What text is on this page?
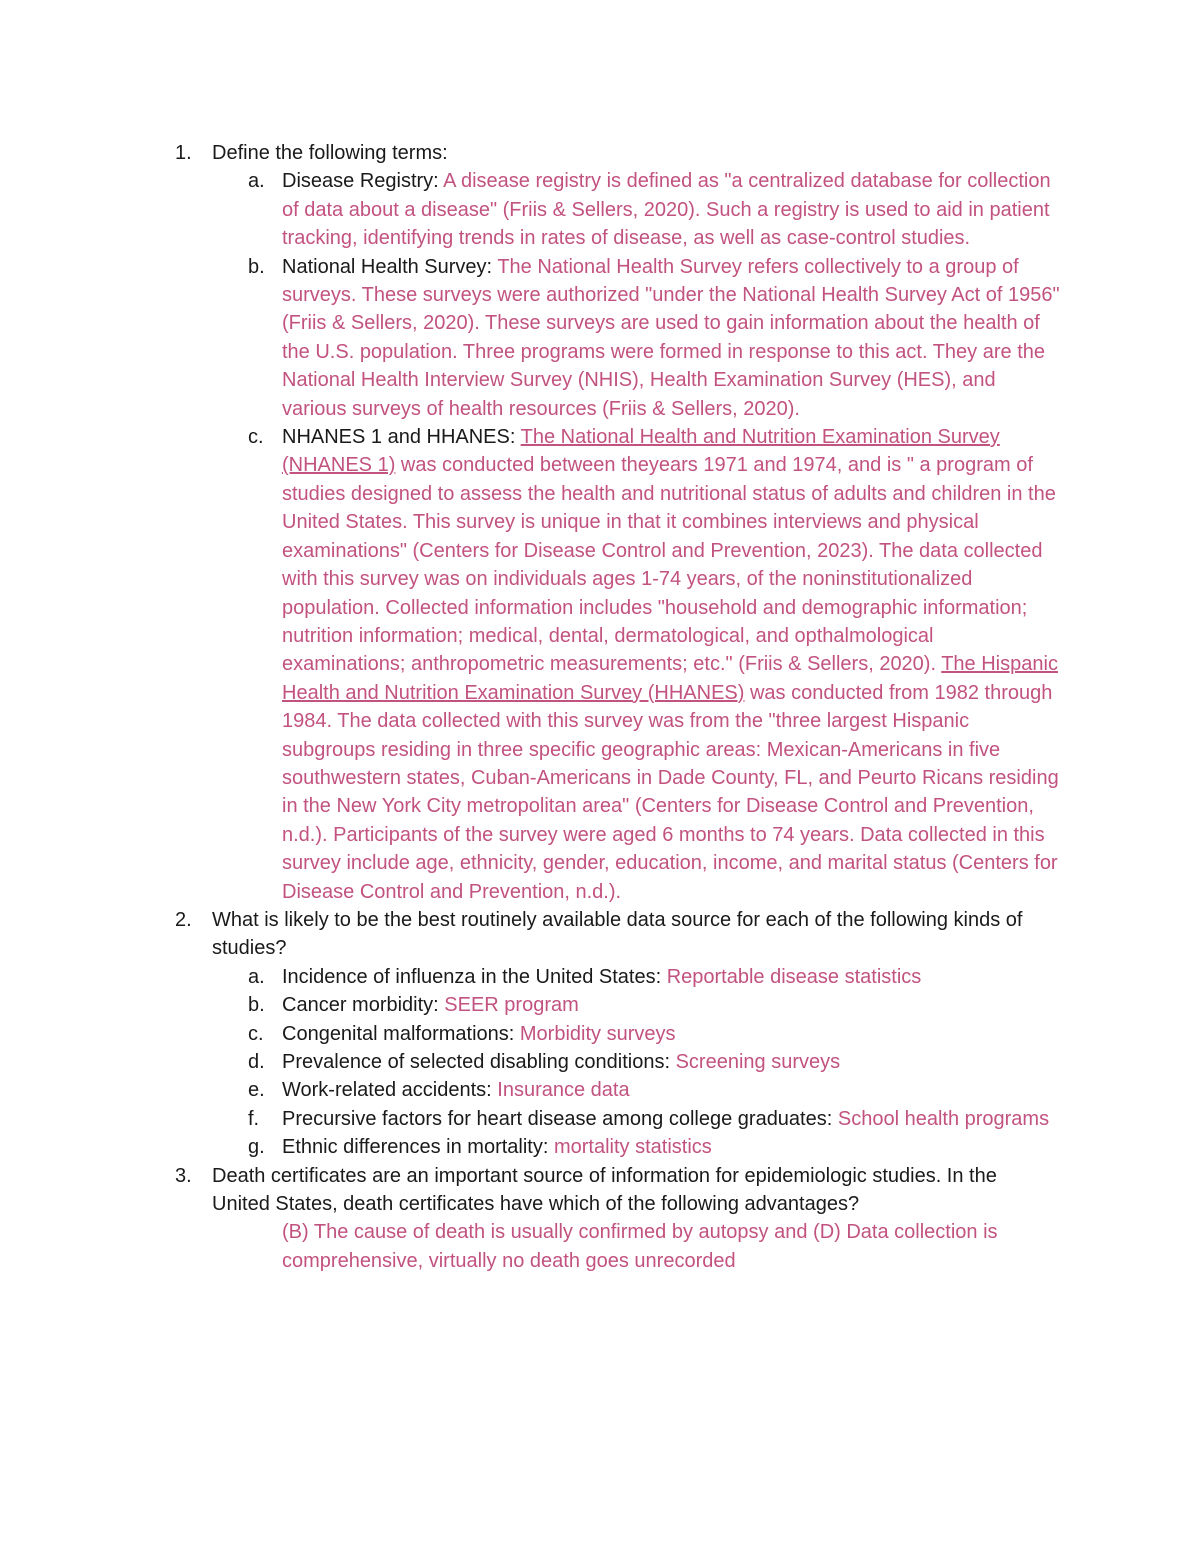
1. Define the following terms:
a. Disease Registry: A disease registry is defined as "a centralized database for collection of data about a disease" (Friis & Sellers, 2020). Such a registry is used to aid in patient tracking, identifying trends in rates of disease, as well as case-control studies.
b. National Health Survey: The National Health Survey refers collectively to a group of surveys. These surveys were authorized "under the National Health Survey Act of 1956" (Friis & Sellers, 2020). These surveys are used to gain information about the health of the U.S. population. Three programs were formed in response to this act. They are the National Health Interview Survey (NHIS), Health Examination Survey (HES), and various surveys of health resources (Friis & Sellers, 2020).
c. NHANES 1 and HHANES: The National Health and Nutrition Examination Survey (NHANES 1) was conducted between theyears 1971 and 1974, and is " a program of studies designed to assess the health and nutritional status of adults and children in the United States. This survey is unique in that it combines interviews and physical examinations" (Centers for Disease Control and Prevention, 2023). The data collected with this survey was on individuals ages 1-74 years, of the noninstitutionalized population. Collected information includes "household and demographic information; nutrition information; medical, dental, dermatological, and opthalmological examinations; anthropometric measurements; etc." (Friis & Sellers, 2020). The Hispanic Health and Nutrition Examination Survey (HHANES) was conducted from 1982 through 1984. The data collected with this survey was from the "three largest Hispanic subgroups residing in three specific geographic areas: Mexican-Americans in five southwestern states, Cuban-Americans in Dade County, FL, and Peurto Ricans residing in the New York City metropolitan area" (Centers for Disease Control and Prevention, n.d.). Participants of the survey were aged 6 months to 74 years. Data collected in this survey include age, ethnicity, gender, education, income, and marital status (Centers for Disease Control and Prevention, n.d.).
2. What is likely to be the best routinely available data source for each of the following kinds of studies?
a. Incidence of influenza in the United States: Reportable disease statistics
b. Cancer morbidity: SEER program
c. Congenital malformations: Morbidity surveys
d. Prevalence of selected disabling conditions: Screening surveys
e. Work-related accidents: Insurance data
f. Precursive factors for heart disease among college graduates: School health programs
g. Ethnic differences in mortality: mortality statistics
3. Death certificates are an important source of information for epidemiologic studies. In the United States, death certificates have which of the following advantages?
(B) The cause of death is usually confirmed by autopsy and (D) Data collection is comprehensive, virtually no death goes unrecorded
